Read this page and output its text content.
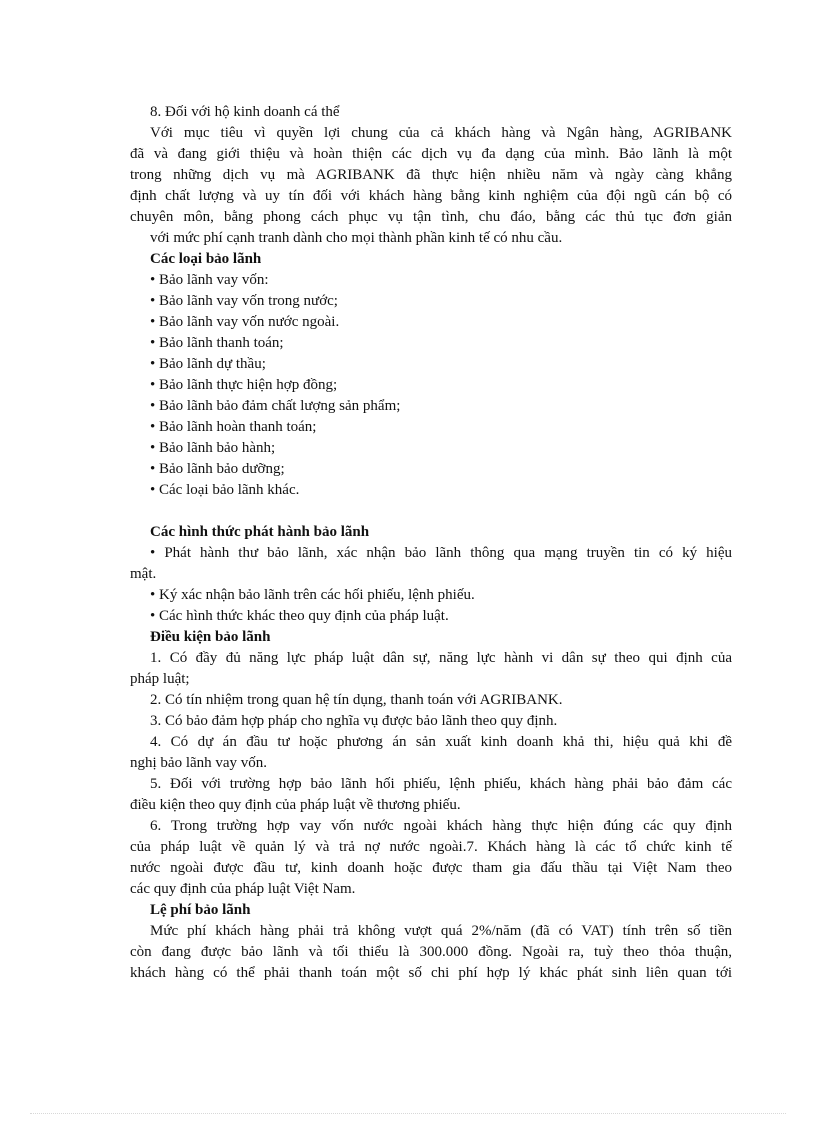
8. Đối với hộ kinh doanh cá thể
Với mục tiêu vì quyền lợi chung của cả khách hàng và Ngân hàng, AGRIBANK
đã và đang giới thiệu và hoàn thiện các dịch vụ đa dạng của mình. Bảo lãnh là một
trong những dịch vụ mà AGRIBANK đã thực hiện nhiều năm và ngày càng khẳng
định chất lượng và uy tín đối với khách hàng bằng kinh nghiệm của đội ngũ cán bộ có
chuyên môn, bằng phong cách phục vụ tận tình, chu đáo, bằng các thủ tục đơn giản
với mức phí cạnh tranh dành cho mọi thành phần kinh tế có nhu cầu.
Các loại bảo lãnh
• Bảo lãnh vay vốn:
• Bảo lãnh vay vốn trong nước;
• Bảo lãnh vay vốn nước ngoài.
• Bảo lãnh thanh toán;
• Bảo lãnh dự thầu;
• Bảo lãnh thực hiện hợp đồng;
• Bảo lãnh bảo đảm chất lượng sản phẩm;
• Bảo lãnh hoàn thanh toán;
• Bảo lãnh bảo hành;
• Bảo lãnh bảo dưỡng;
• Các loại bảo lãnh khác.
Các hình thức phát hành bảo lãnh
• Phát hành thư bảo lãnh, xác nhận bảo lãnh thông qua mạng truyền tin có ký hiệu
mật.
• Ký xác nhận bảo lãnh trên các hối phiếu, lệnh phiếu.
• Các hình thức khác theo quy định của pháp luật.
Điều kiện bảo lãnh
1. Có đầy đủ năng lực pháp luật dân sự, năng lực hành vi dân sự theo qui định của
pháp luật;
2. Có tín nhiệm trong quan hệ tín dụng, thanh toán với AGRIBANK.
3. Có bảo đảm hợp pháp cho nghĩa vụ được bảo lãnh theo quy định.
4. Có dự án đầu tư hoặc phương án sản xuất kinh doanh khả thi, hiệu quả khi đề
nghị bảo lãnh vay vốn.
5. Đối với trường hợp bảo lãnh hối phiếu, lệnh phiếu, khách hàng phải bảo đảm các
điều kiện theo quy định của pháp luật về thương phiếu.
6. Trong trường hợp vay vốn nước ngoài khách hàng thực hiện đúng các quy định
của pháp luật về quản lý và trả nợ nước ngoài.7. Khách hàng là các tổ chức kinh tế
nước ngoài được đầu tư, kinh doanh hoặc được tham gia đấu thầu tại Việt Nam theo
các quy định của pháp luật Việt Nam.
Lệ phí bảo lãnh
Mức phí khách hàng phải trả không vượt quá 2%/năm (đã có VAT) tính trên số tiền
còn đang được bảo lãnh và tối thiểu là 300.000 đồng. Ngoài ra, tuỳ theo thỏa thuận,
khách hàng có thể phải thanh toán một số chi phí hợp lý khác phát sinh liên quan tới
